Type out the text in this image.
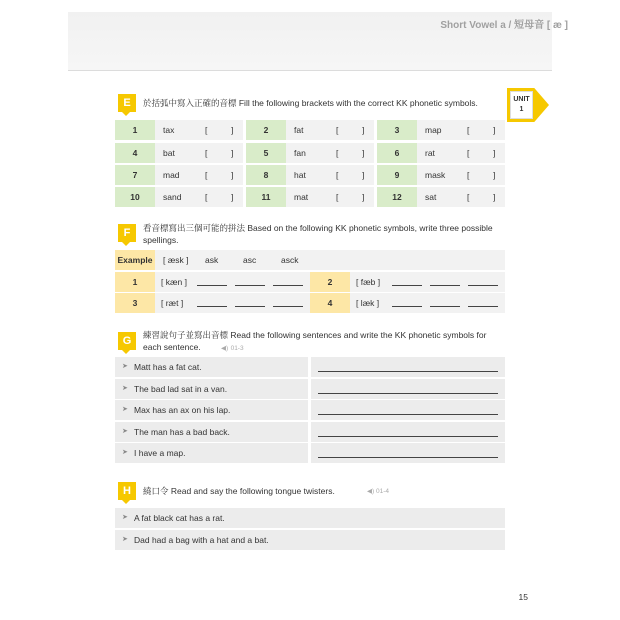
Short Vowel a / 短母音 [ æ ]
UNIT
1
E	於括弧中寫入正確的音標 Fill the following brackets with the correct KK phonetic symbols.
1	tax	[	]	2	fat	[	]	3	map	[	]
4	bat	[	]	5	fan	[	]	6	rat	[	]
7	mad	[	]	8	hat	[	]	9	mask	[	]
10	sand	[	]	11	mat	[	]	12	sat	[	]
F	看音標寫出三個可能的拼法 Based on the following KK phonetic symbols, write three possible
spellings.
Example [ æsk ] ask	asc	asck
1	[ kæn ]	2	[ fæb ]
3	[ ræt ]	4	[ læk ]
G	練習說句子並寫出音標 Read the following sentences and write the KK phonetic symbols for
each sentence.	◀) 01-3
➤ Matt has a fat cat.
➤ The bad lad sat in a van.
➤ Max has an ax on his lap.
➤ The man has a bad back.
➤ I have a map.
H	繞口令 Read and say the following tongue twisters.	◀) 01-4
➤ A fat black cat has a rat.
➤ Dad had a bag with a hat and a bat.
15
